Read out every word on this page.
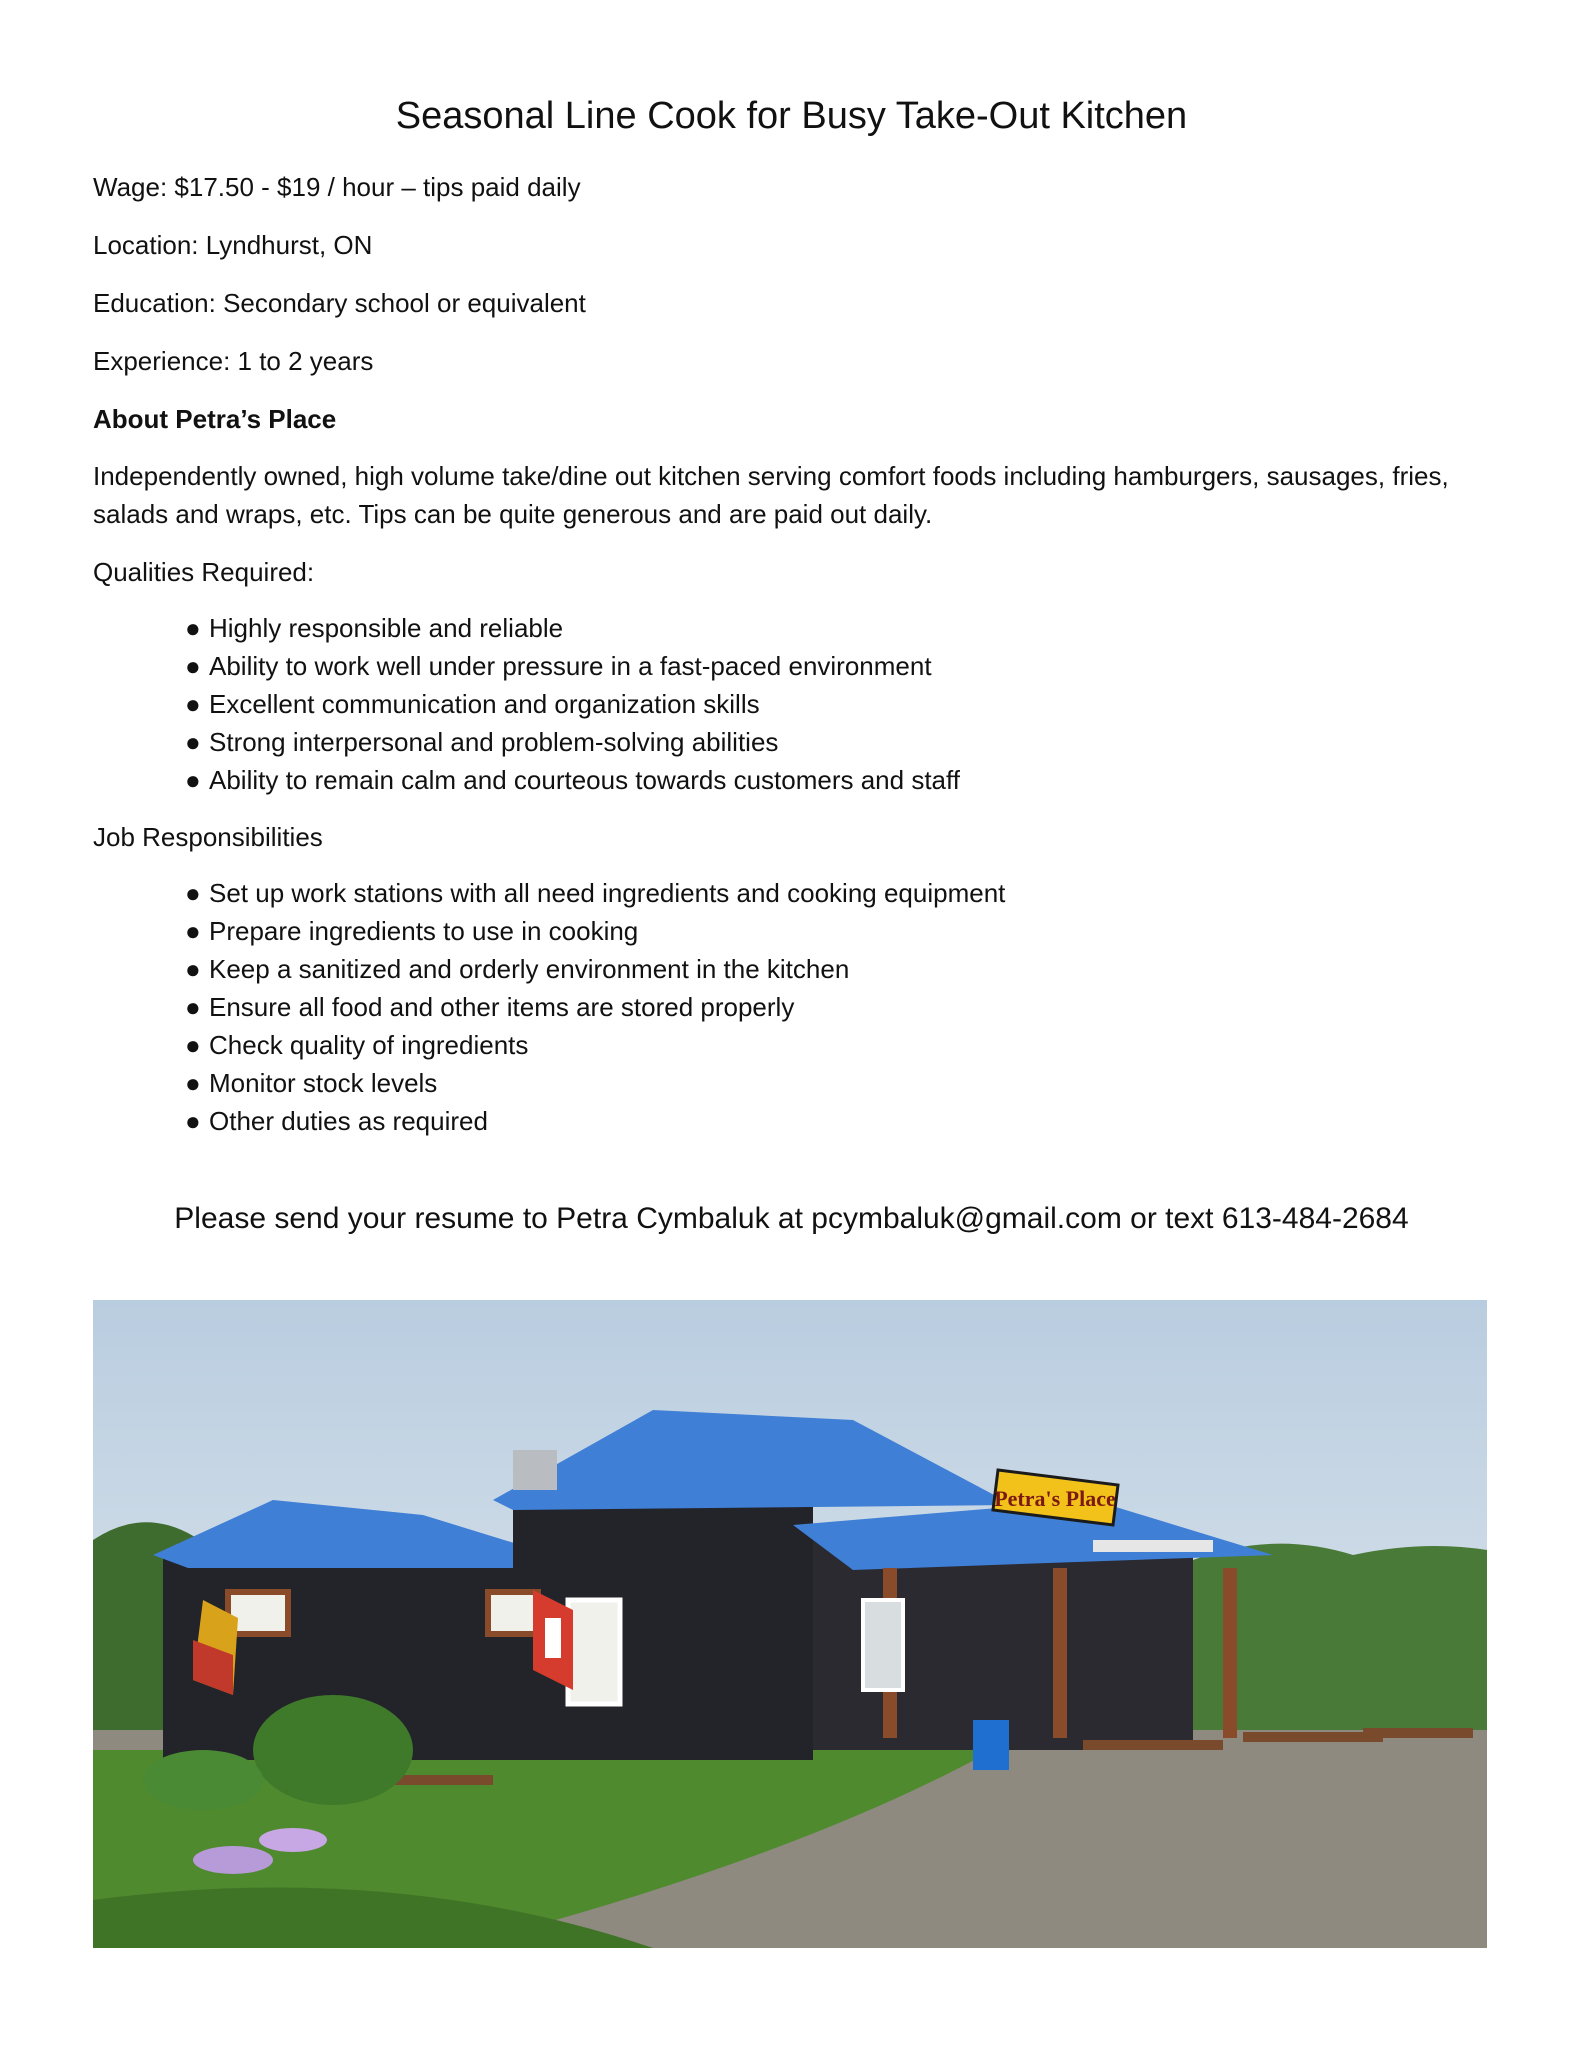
Seasonal Line Cook for Busy Take-Out Kitchen
Wage: $17.50 - $19 / hour – tips paid daily
Location: Lyndhurst, ON
Education: Secondary school or equivalent
Experience: 1 to 2 years
About Petra’s Place
Independently owned, high volume take/dine out kitchen serving comfort foods including hamburgers, sausages, fries, salads and wraps, etc. Tips can be quite generous and are paid out daily.
Qualities Required:
● Highly responsible and reliable
● Ability to work well under pressure in a fast-paced environment
● Excellent communication and organization skills
● Strong interpersonal and problem-solving abilities
● Ability to remain calm and courteous towards customers and staff
Job Responsibilities
● Set up work stations with all need ingredients and cooking equipment
● Prepare ingredients to use in cooking
● Keep a sanitized and orderly environment in the kitchen
● Ensure all food and other items are stored properly
● Check quality of ingredients
● Monitor stock levels
● Other duties as required
Please send your resume to Petra Cymbaluk at pcymbaluk@gmail.com or text 613-484-2684
Petra's Place
